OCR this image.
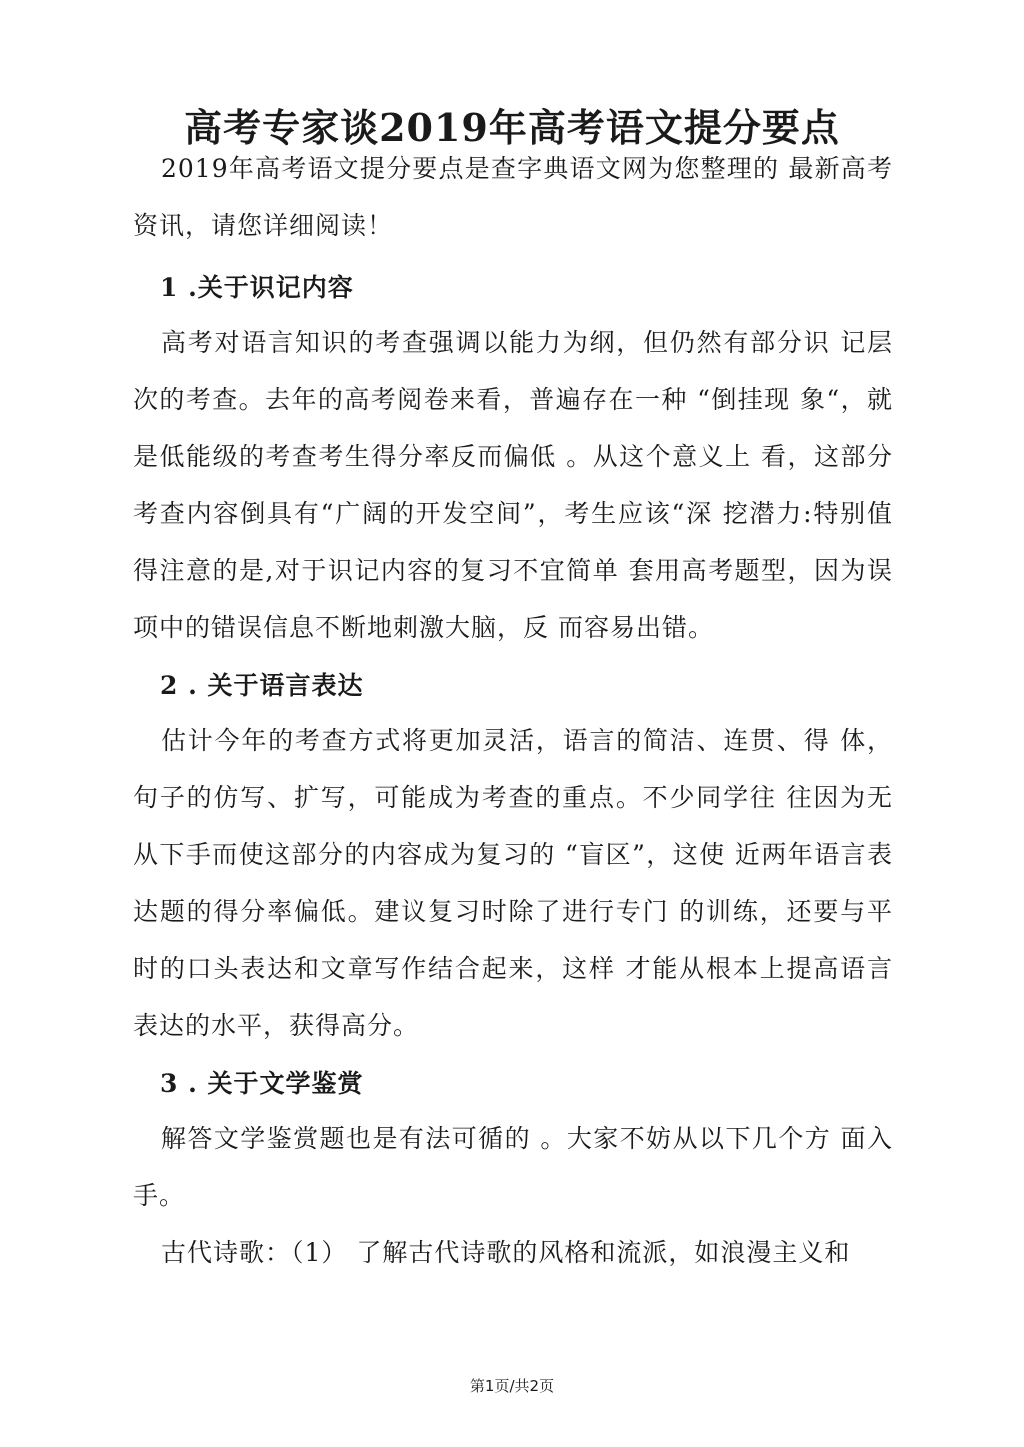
高考专家谈2019年高考语文提分要点

2019年高考语文提分要点是查字典语文网为您整理的 最新高考资讯，请您详细阅读！

1 .关于识记内容

高考对语言知识的考查强调以能力为纲，但仍然有部分识 记层次的考查。去年的高考阅卷来看，普遍存在一种 “倒挂现 象“，就是低能级的考查考生得分率反而偏低 。从这个意义上 看，这部分考查内容倒具有“广阔的开发空间”，考生应该“深 挖潜力:特别值得注意的是,对于识记内容的复习不宜简单 套用高考题型，因为误项中的错误信息不断地刺激大脑，反 而容易出错。

2 . 关于语言表达

估计今年的考查方式将更加灵活，语言的简洁、连贯、得 体，句子的仿写、扩写，可能成为考查的重点。不少同学往 往因为无从下手而使这部分的内容成为复习的 “盲区”，这使 近两年语言表达题的得分率偏低。建议复习时除了进行专门 的训练，还要与平时的口头表达和文章写作结合起来，这样 才能从根本上提高语言表达的水平，获得高分。

3 . 关于文学鉴赏

解答文学鉴赏题也是有法可循的 。大家不妨从以下几个方 面入手。

古代诗歌：（1） 了解古代诗歌的风格和流派，如浪漫主义和

第1页/共2页
